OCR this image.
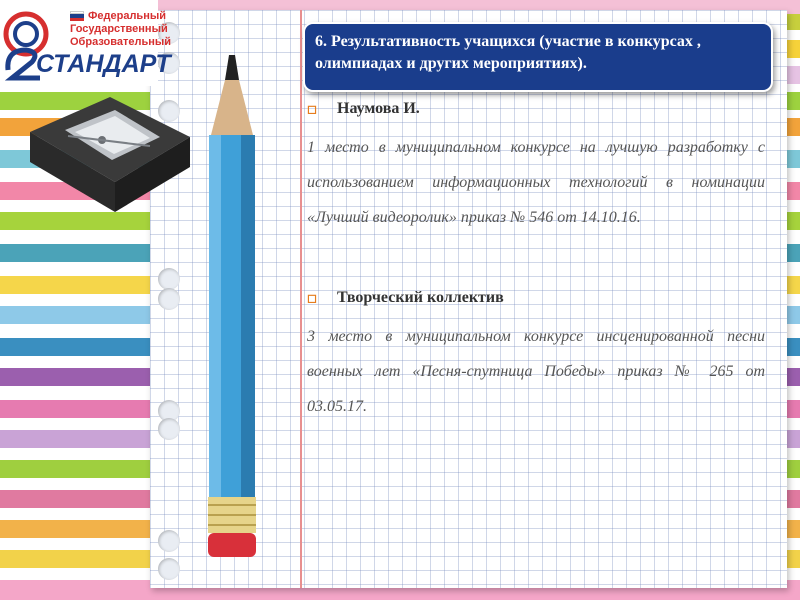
Федеральный
Государственный
Образовательный
СТАНДАРТ
6. Результативность учащихся (участие в конкурсах , олимпиадах и других мероприятиях).

◻ Наумова И.

1 место в муниципальном конкурсе на лучшую разработку с использованием информационных технологий в номинации «Лучший видеоролик» приказ № 546 от 14.10.16.

◻ Творческий коллектив

3 место в муниципальном конкурсе инсценированной песни военных лет «Песня-спутница Победы» приказ № 265 от 03.05.17.
